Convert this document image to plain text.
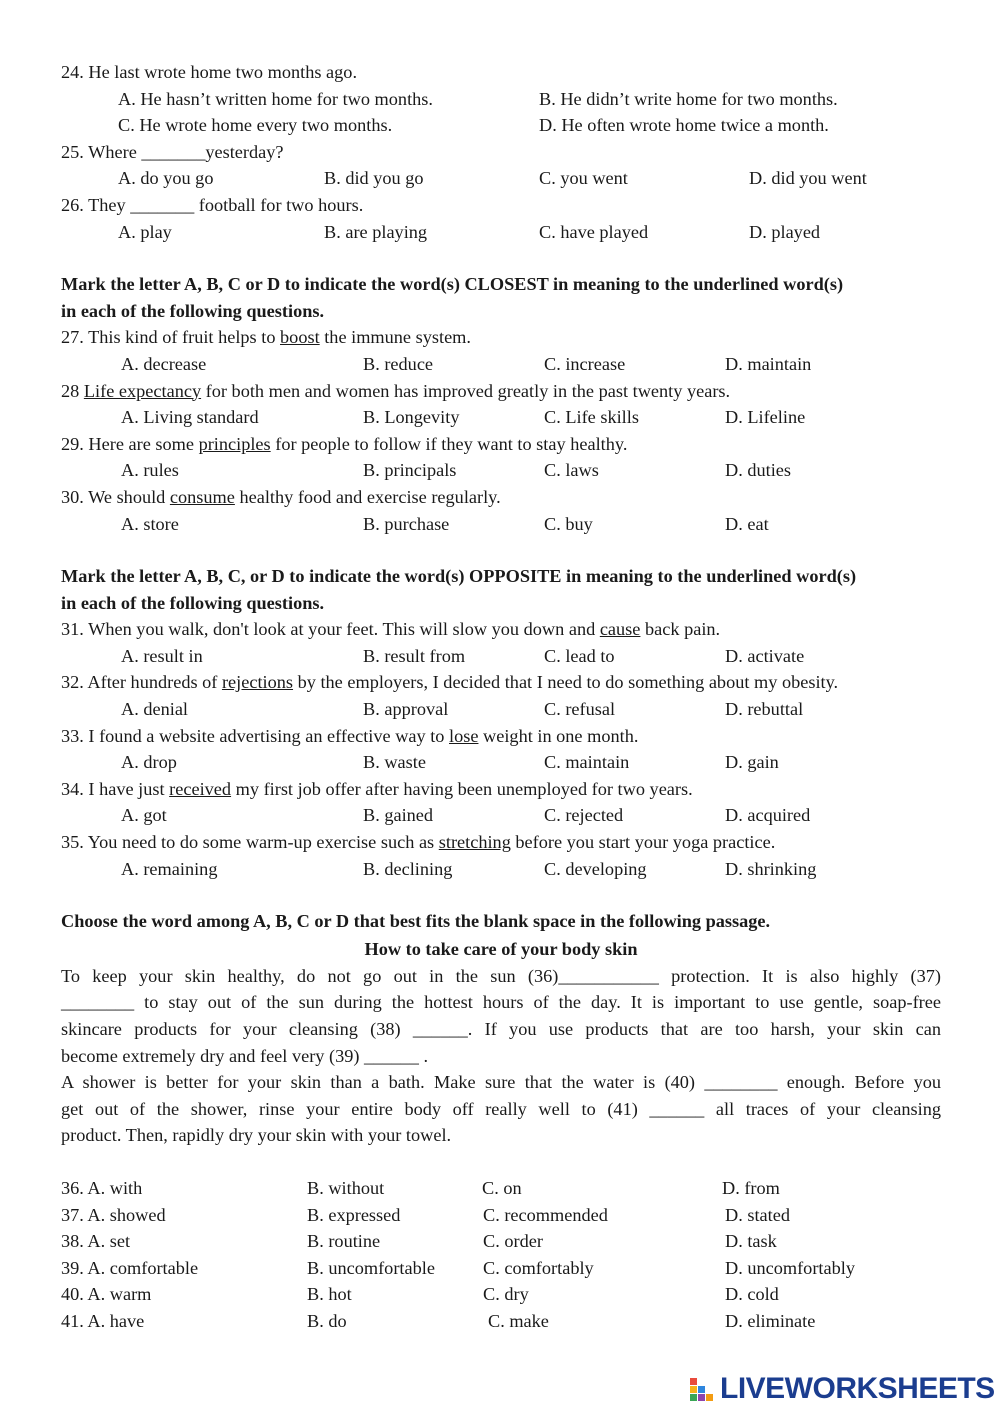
24. He last wrote home two months ago.
A. He hasn’t written home for two months.	B. He didn’t write home for two months.
C. He wrote home every two months.	D. He often wrote home twice a month.
25. Where _______yesterday?
A. do you go	B. did you go	C. you went	D. did you went
26. They _______ football for two hours.
A. play	B. are playing	C. have played	D. played
Mark the letter A, B, C or D to indicate the word(s) CLOSEST in meaning to the underlined word(s)
in each of the following questions.
27. This kind of fruit helps to boost the immune system.
A. decrease	B. reduce	C. increase	D. maintain
28 Life expectancy for both men and women has improved greatly in the past twenty years.
A. Living standard	B. Longevity	C. Life skills	D. Lifeline
29. Here are some principles for people to follow if they want to stay healthy.
A. rules	B. principals	C. laws	D. duties
30. We should consume healthy food and exercise regularly.
A. store	B. purchase	C. buy	D. eat
Mark the letter A, B, C, or D to indicate the word(s) OPPOSITE in meaning to the underlined word(s)
in each of the following questions.
31. When you walk, don't look at your feet. This will slow you down and cause back pain.
A. result in	B. result from	C. lead to	D. activate
32. After hundreds of rejections by the employers, I decided that I need to do something about my obesity.
A. denial	B. approval	C. refusal	D. rebuttal
33. I found a website advertising an effective way to lose weight in one month.
A. drop	B. waste	C. maintain	D. gain
34. I have just received my first job offer after having been unemployed for two years.
A. got	B. gained	C. rejected	D. acquired
35. You need to do some warm-up exercise such as stretching before you start your yoga practice.
A. remaining	B. declining	C. developing	D. shrinking
Choose the word among A, B, C or D that best fits the blank space in the following passage.
How to take care of your body skin
To keep your skin healthy, do not go out in the sun (36)___________ protection. It is also highly (37)
________ to stay out of the sun during the hottest hours of the day. It is important to use gentle, soap-free
skincare products for your cleansing (38) ______. If you use products that are too harsh, your skin can
become extremely dry and feel very (39) ______ .
A shower is better for your skin than a bath. Make sure that the water is (40) ________ enough. Before you
get out of the shower, rinse your entire body off really well to (41) ______ all traces of your cleansing
product. Then, rapidly dry your skin with your towel.
36. A. with	B. without	C. on	D. from
37. A. showed	B. expressed	C. recommended	D. stated
38. A. set	B. routine	C. order	D. task
39. A. comfortable	B. uncomfortable	C. comfortably	D. uncomfortably
40. A. warm	B. hot	C. dry	D. cold
41. A. have	B. do	C. make	D. eliminate
LIVEWORKSHEETS
